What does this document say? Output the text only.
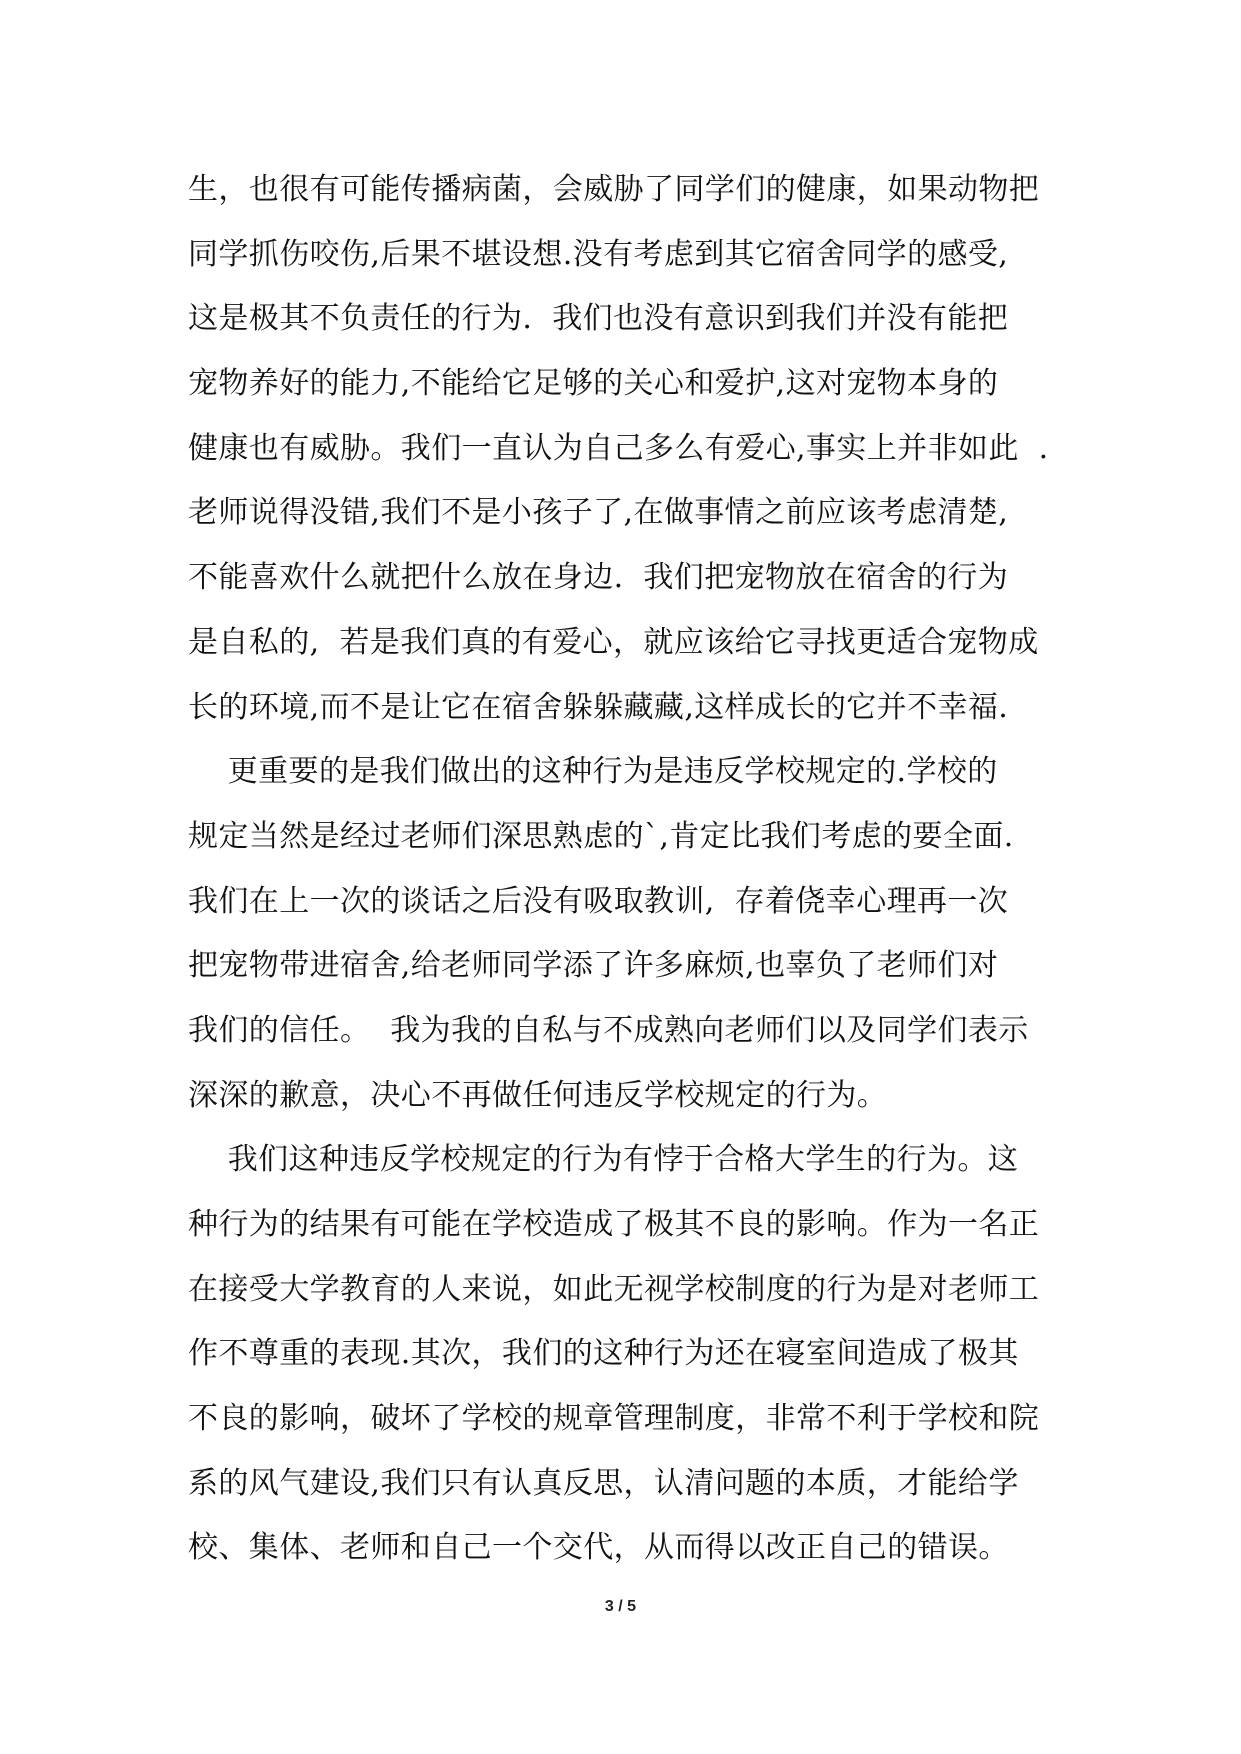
生，也很有可能传播病菌，会威胁了同学们的健康，如果动物把
同学抓伤咬伤,后果不堪设想.没有考虑到其它宿舍同学的感受,
这是极其不负责任的行为.  我们也没有意识到我们并没有能把
宠物养好的能力,不能给它足够的关心和爱护,这对宠物本身的
健康也有威胁。我们一直认为自己多么有爱心,事实上并非如此  .
老师说得没错,我们不是小孩子了,在做事情之前应该考虑清楚,
不能喜欢什么就把什么放在身边.  我们把宠物放在宿舍的行为
是自私的,  若是我们真的有爱心，就应该给它寻找更适合宠物成
长的环境,而不是让它在宿舍躲躲藏藏,这样成长的它并不幸福.
更重要的是我们做出的这种行为是违反学校规定的.学校的
规定当然是经过老师们深思熟虑的`,肯定比我们考虑的要全面.
我们在上一次的谈话之后没有吸取教训,  存着侥幸心理再一次
把宠物带进宿舍,给老师同学添了许多麻烦,也辜负了老师们对
我们的信任。  我为我的自私与不成熟向老师们以及同学们表示
深深的歉意，决心不再做任何违反学校规定的行为。
我们这种违反学校规定的行为有悖于合格大学生的行为。这
种行为的结果有可能在学校造成了极其不良的影响。作为一名正
在接受大学教育的人来说，如此无视学校制度的行为是对老师工
作不尊重的表现.其次，我们的这种行为还在寝室间造成了极其
不良的影响，破坏了学校的规章管理制度，非常不利于学校和院
系的风气建设,我们只有认真反思，认清问题的本质，才能给学
校、集体、老师和自己一个交代，从而得以改正自己的错误。
3 / 5
